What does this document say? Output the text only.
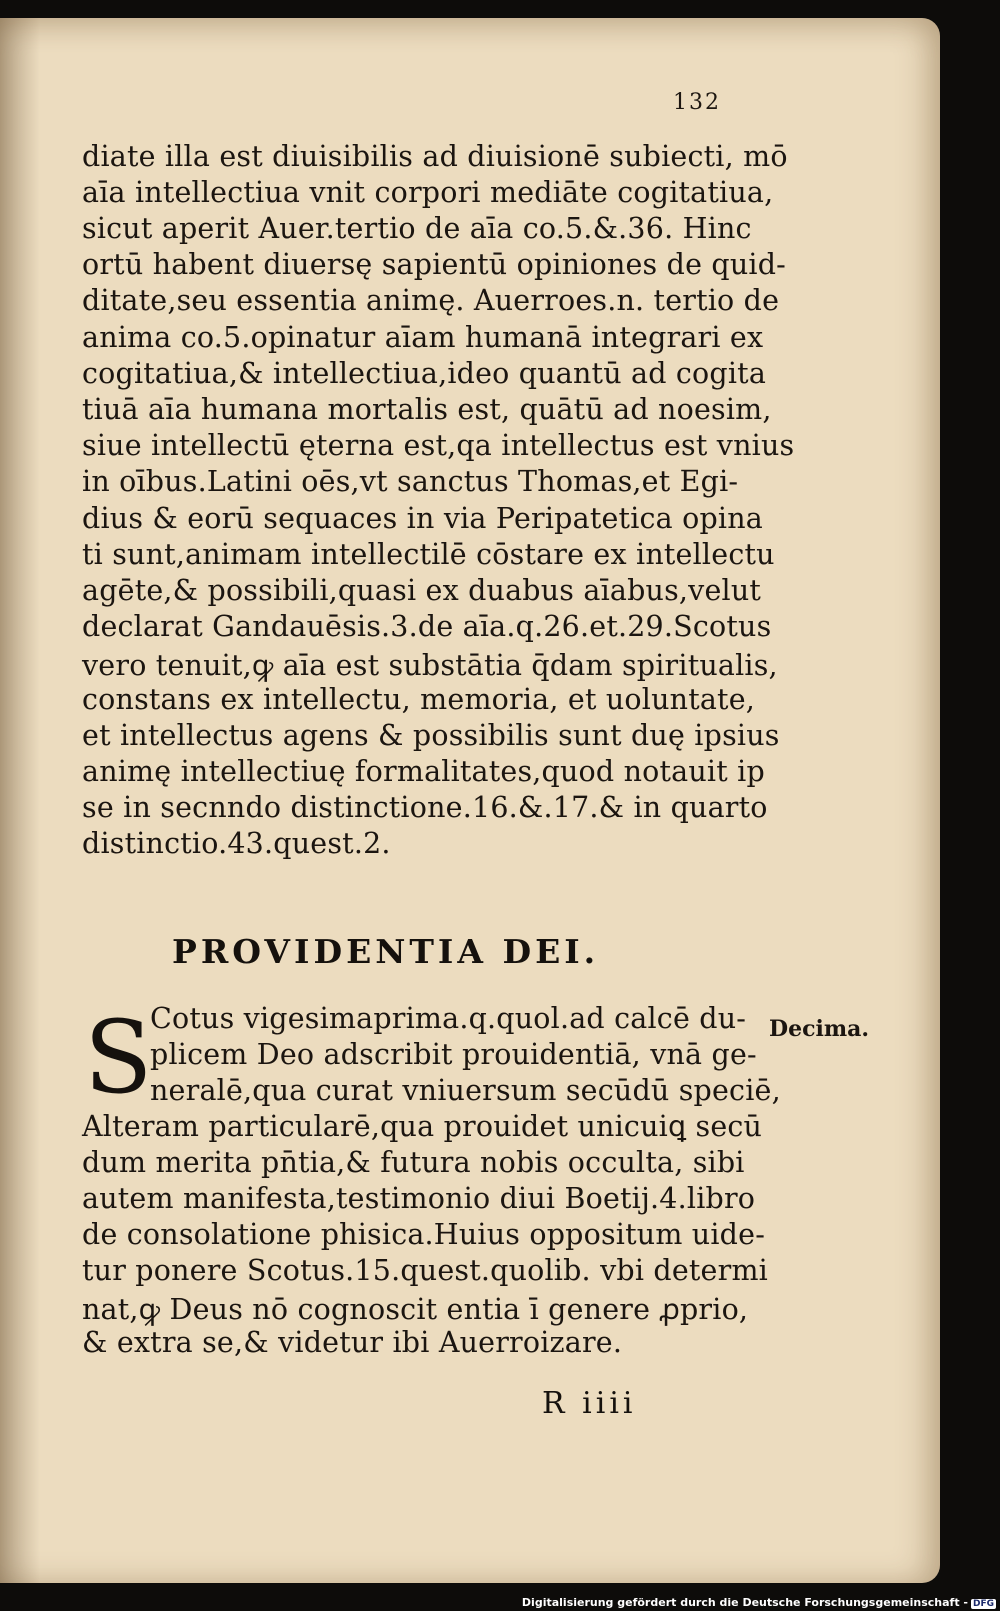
132
diate illa est diuisibilis ad diuisionē subiecti, mō
aīa intellectiua vnit corpori mediāte cogitatiua,
sicut aperit Auer.tertio de aīa co.5.&.36. Hinc
ortū habent diuersę sapientū opiniones de quid-
ditate,seu essentia animę. Auerroes.n. tertio de
anima co.5.opinatur aīam humanā integrari ex
cogitatiua,& intellectiua,ideo quantū ad cogita
tiuā aīa humana mortalis est, quātū ad noesim,
siue intellectū ęterna est,qa intellectus est vnius
in oībus.Latini oēs,vt sanctus Thomas,et Egi-
dius & eorū sequaces in via Peripatetica opina
ti sunt,animam intellectilē cōstare ex intellectu
agēte,& possibili,quasi ex duabus aīabus,velut
declarat Gandauēsis.3.de aīa.q.26.et.29.Scotus
vero tenuit,ꝙ aīa est substātia q̄dam spiritualis,
constans ex intellectu, memoria, et uoluntate,
et intellectus agens & possibilis sunt duę ipsius
animę intellectiuę formalitates,quod notauit ip
se in secnndo distinctione.16.&.17.& in quarto
distinctio.43.quest.2.
PROVIDENTIA DEI.
S	Decima.
Cotus vigesimaprima.q.quol.ad calcē du-
plicem Deo adscribit prouidentiā, vnā ge-
neralē,qua curat vniuersum secūdū speciē,
Alteram particularē,qua prouidet unicuiꝗ secū
dum merita pn̄tia,& futura nobis occulta, sibi
autem manifesta,testimonio diui Boetij.4.libro
de consolatione phisica.Huius oppositum uide-
tur ponere Scotus.15.quest.quolib. vbi determi
nat,ꝙ Deus nō cognoscit entia ī genere ꝓprio,
& extra se,& videtur ibi Auerroizare.
R iiii
Digitalisierung gefördert durch die Deutsche Forschungsgemeinschaft - DFG
